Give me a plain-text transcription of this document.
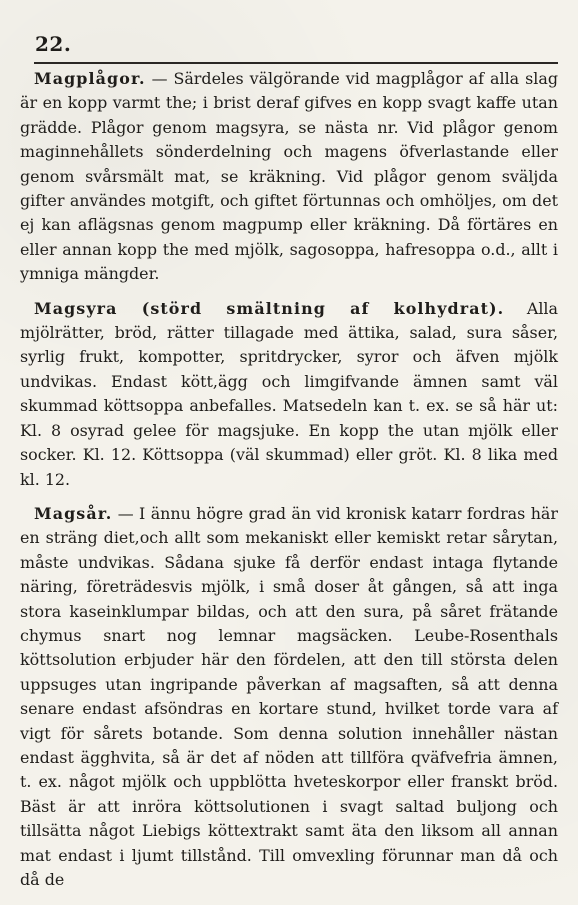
22.

Magplågor. — Särdeles välgörande vid magplågor af alla slag är en kopp varmt the; i brist deraf gifves en kopp svagt kaffe utan grädde. Plågor genom magsyra, se nästa nr. Vid plågor genom maginnehållets sönderdelning och magens öfverlastande eller genom svårsmält mat, se kräkning. Vid plågor genom sväljda gifter användes motgift, och giftet förtunnas och omhöljes, om det ej kan aflägsnas genom magpump eller kräkning. Då förtäres en eller annan kopp the med mjölk, sagosoppa, hafresoppa o.d., allt i ymniga mängder.

Magsyra (störd smältning af kolhydrat). Alla mjölrätter, bröd, rätter tillagade med ättika, salad, sura såser, syrlig frukt, kompotter, spritdrycker, syror och äfven mjölk undvikas. Endast kött,ägg och limgifvande ämnen samt väl skummad köttsoppa anbefalles. Matsedeln kan t. ex. se så här ut: Kl. 8 osyrad gelee för magsjuke. En kopp the utan mjölk eller socker. Kl. 12. Köttsoppa (väl skummad) eller gröt. Kl. 8 lika med kl. 12.

Magsår. — I ännu högre grad än vid kronisk katarr fordras här en sträng diet,och allt som mekaniskt eller kemiskt retar sårytan, måste undvikas. Sådana sjuke få derför endast intaga flytande näring, företrädesvis mjölk, i små doser åt gången, så att inga stora kaseinklumpar bildas, och att den sura, på såret frätande chymus snart nog lemnar magsäcken. Leube-Rosenthals köttsolution erbjuder här den fördelen, att den till största delen uppsuges utan ingripande påverkan af magsaften, så att denna senare endast afsöndras en kortare stund, hvilket torde vara af vigt för sårets botande. Som denna solution innehåller nästan endast ägghvita, så är det af nöden att tillföra qväfvefria ämnen, t. ex. något mjölk och uppblötta hveteskorpor eller franskt bröd. Bäst är att inröra köttsolutionen i svagt saltad buljong och tillsätta något Liebigs köttextrakt samt äta den liksom all annan mat endast i ljumt tillstånd. Till omvexling förunnar man då och då de
